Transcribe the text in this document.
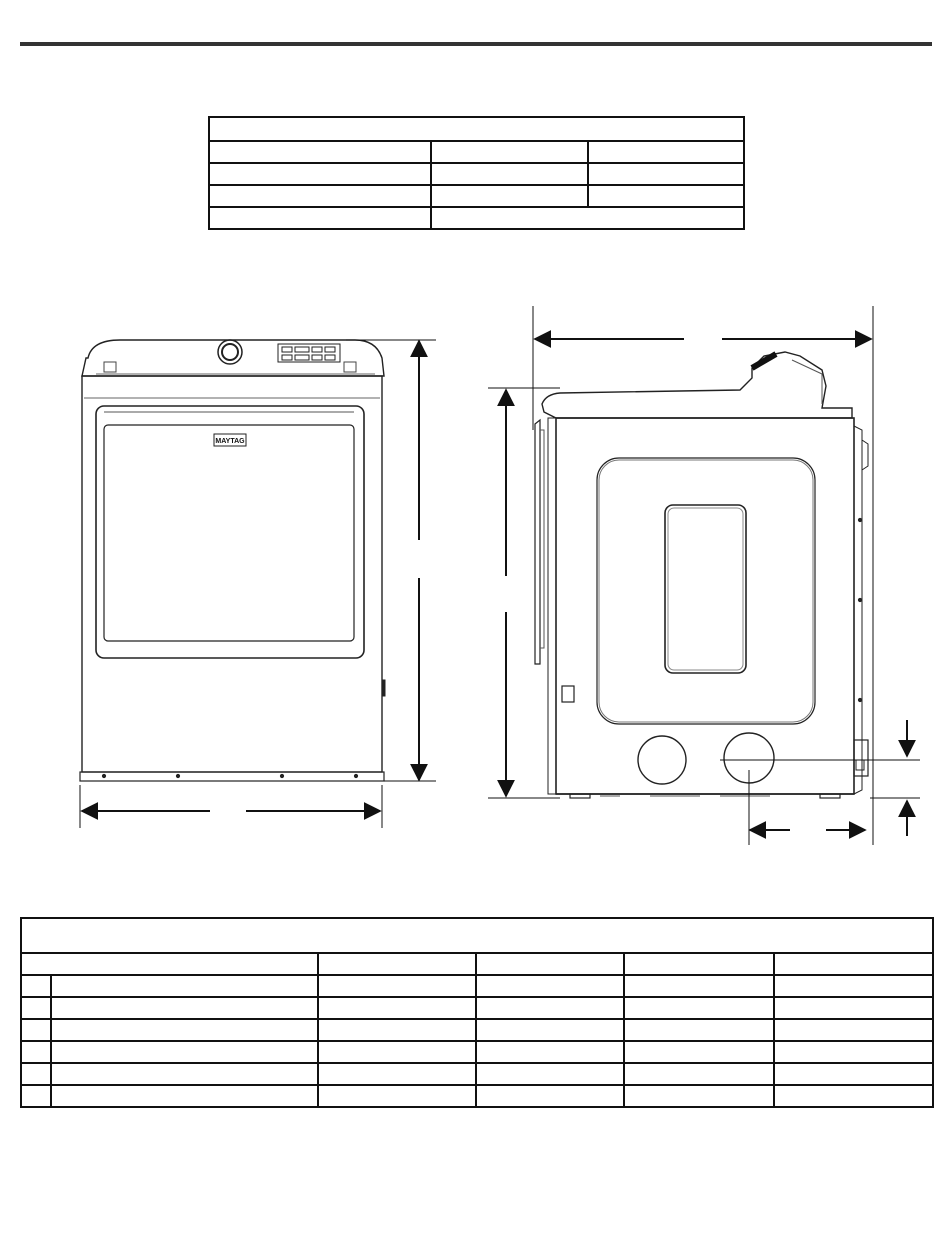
MAYTAG
